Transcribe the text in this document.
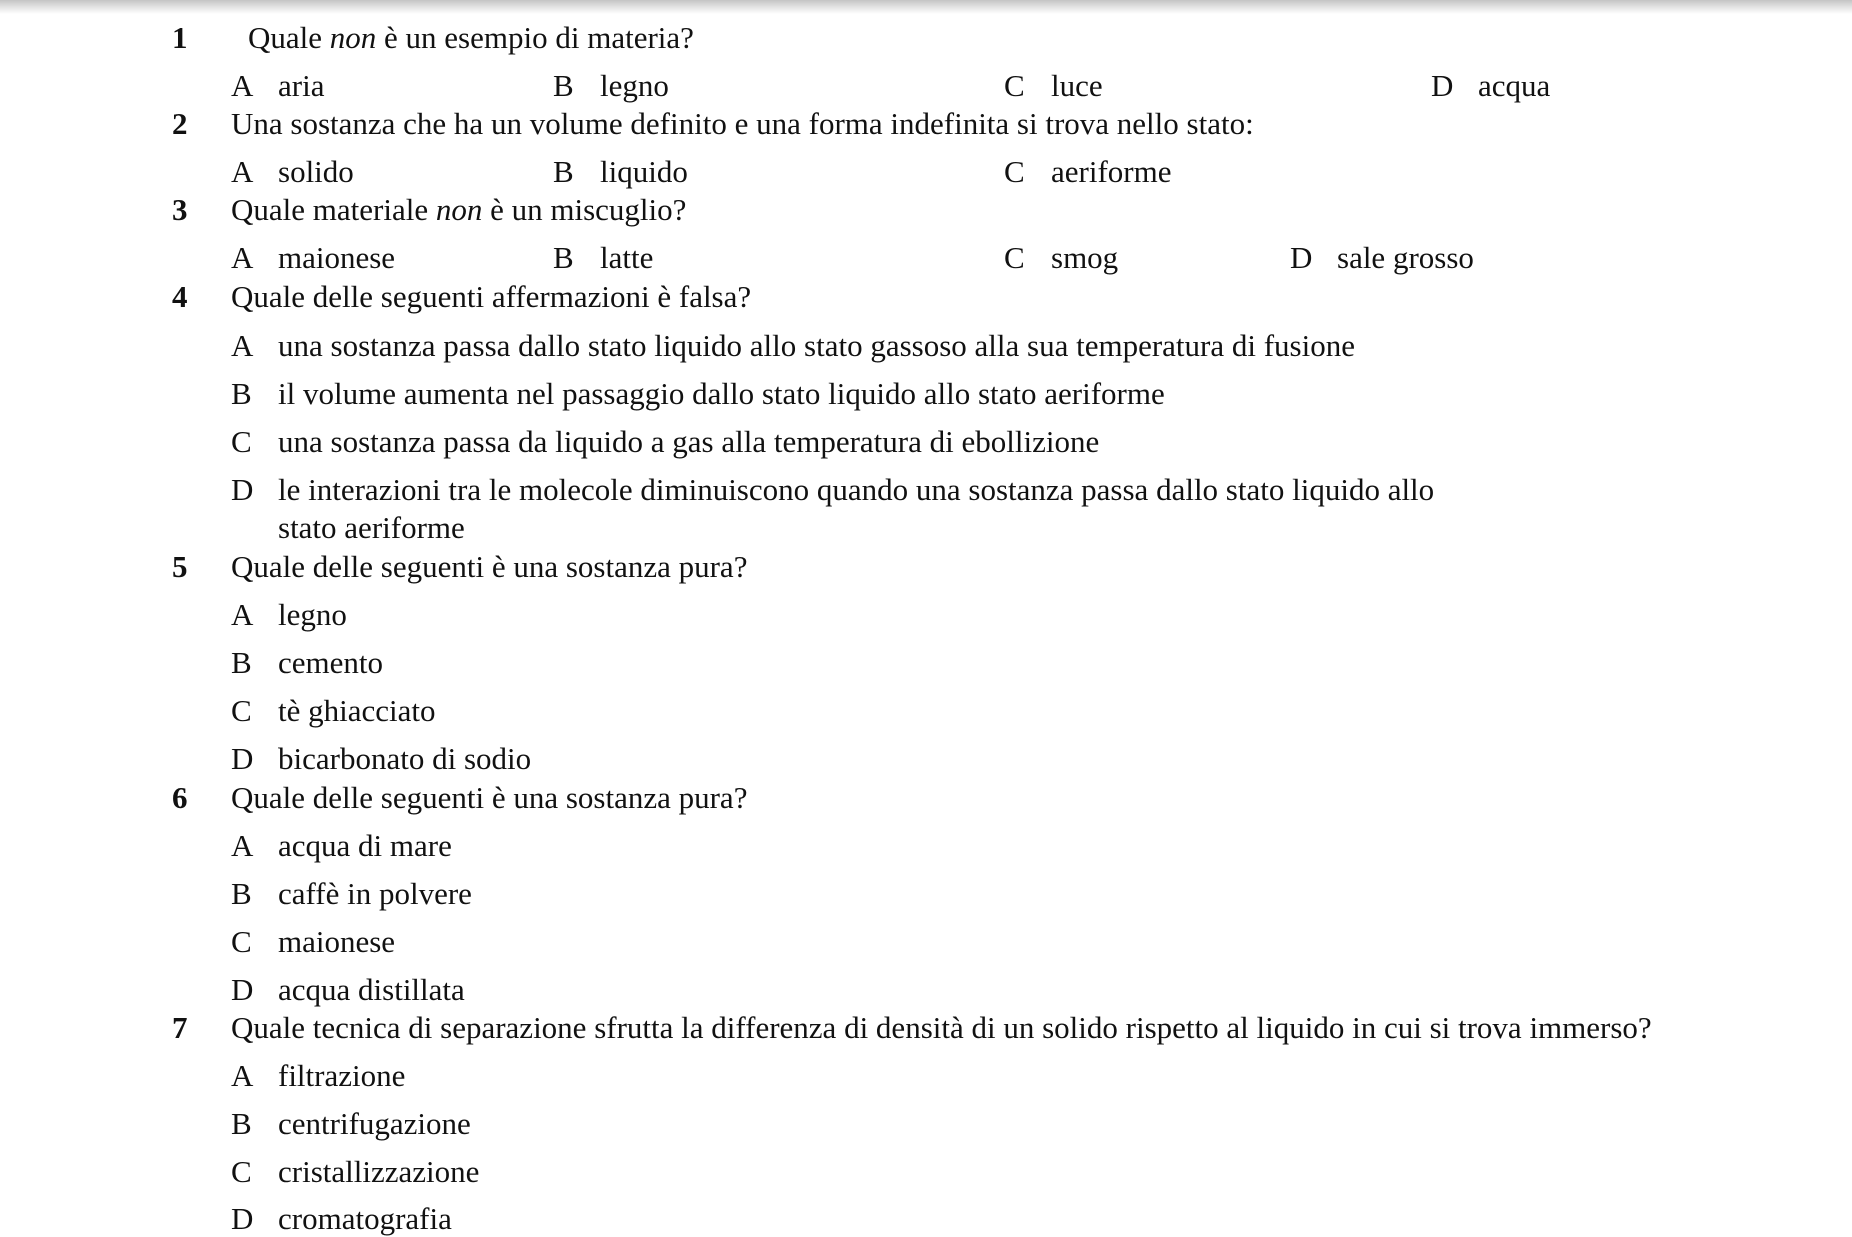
1 Quale non è un esempio di materia?
A aria	B legno	C luce	D acqua
2 Una sostanza che ha un volume definito e una forma indefinita si trova nello stato:
A solido	B liquido	C aeriforme
3 Quale materiale non è un miscuglio?
A maionese	B latte	C smog	D sale grosso
4 Quale delle seguenti affermazioni è falsa?
A una sostanza passa dallo stato liquido allo stato gassoso alla sua temperatura di fusione
B il volume aumenta nel passaggio dallo stato liquido allo stato aeriforme
C una sostanza passa da liquido a gas alla temperatura di ebollizione
D le interazioni tra le molecole diminuiscono quando una sostanza passa dallo stato liquido allo
stato aeriforme
5 Quale delle seguenti è una sostanza pura?
A legno
B cemento
C tè ghiacciato
D bicarbonato di sodio
6 Quale delle seguenti è una sostanza pura?
A acqua di mare
B caffè in polvere
C maionese
D acqua distillata
7 Quale tecnica di separazione sfrutta la differenza di densità di un solido rispetto al liquido in cui si trova immerso?
A filtrazione
B centrifugazione
C cristallizzazione
D cromatografia
